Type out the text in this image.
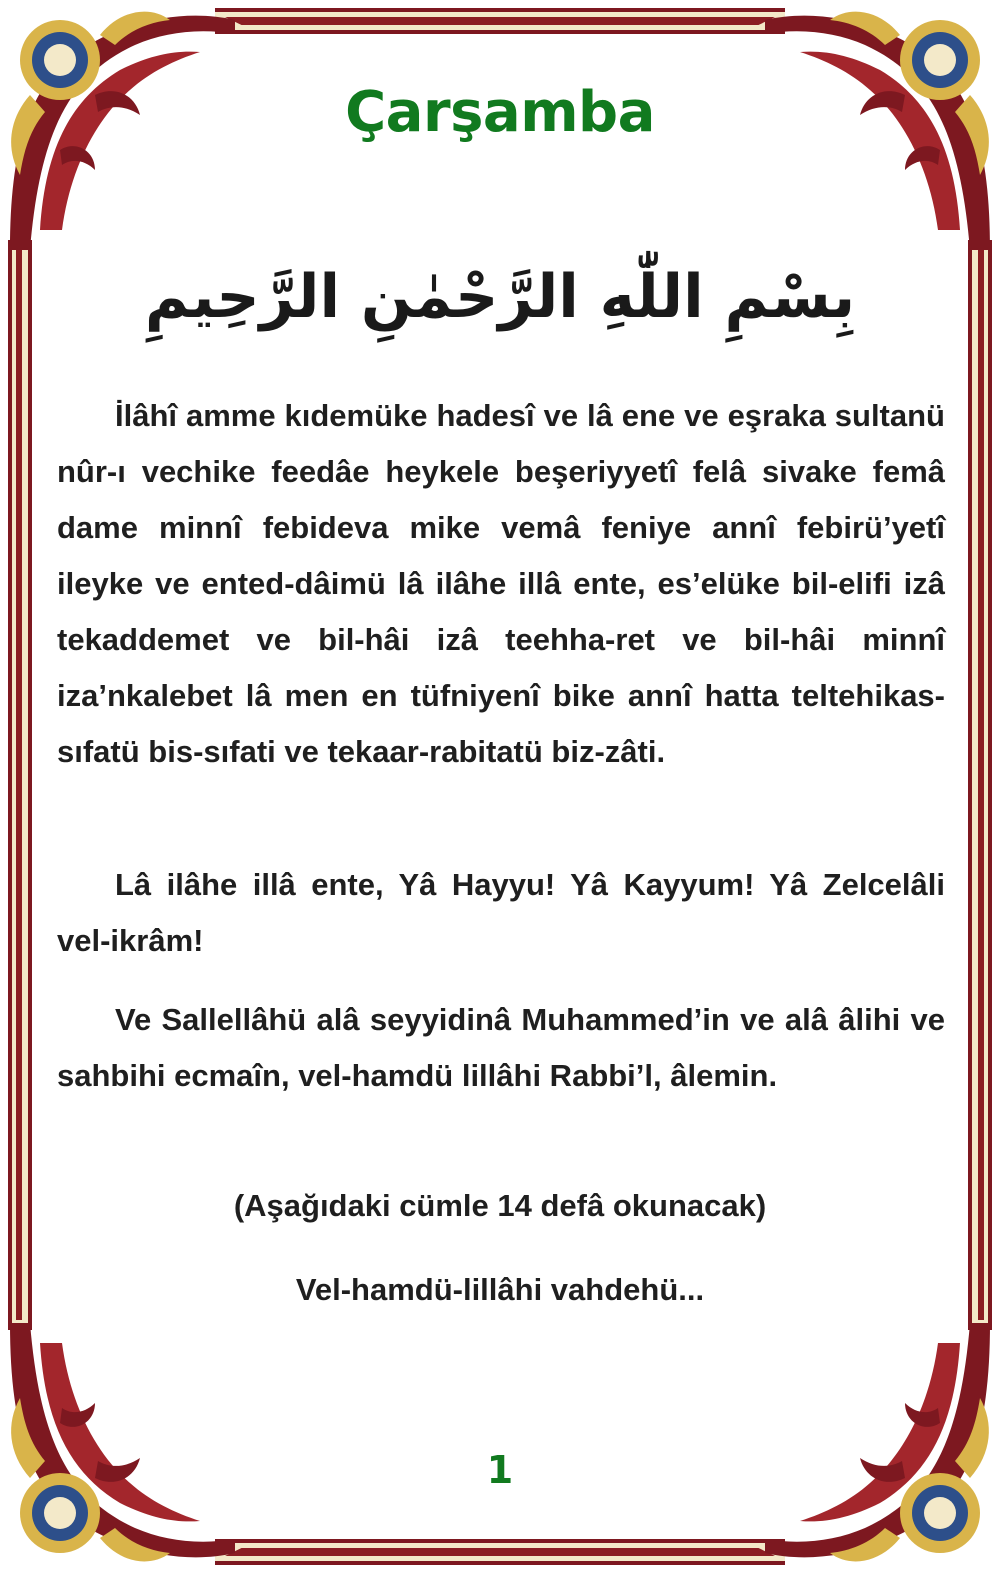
Çarşamba
بِسْمِ اللّٰهِ الرَّحْمٰنِ الرَّحِيمِ

İlâhî amme kıdemüke hadesî ve lâ ene ve eşraka sultanü nûr-ı vechike feedâe heykele beşeriyyetî felâ sivake femâ dame minnî febideva mike vemâ feniye annî febirü’yetî ileyke ve ented-dâimü lâ ilâhe illâ ente, es’elüke bil-elifi izâ tekaddemet ve bil-hâi izâ teehha-ret ve bil-hâi minnî iza’nkalebet lâ men en tüfniyenî bike annî hatta teltehikas-sıfatü bis-sıfati ve tekaar-rabitatü biz-zâti.

Lâ ilâhe illâ ente, Yâ Hayyu! Yâ Kayyum! Yâ Zelcelâli vel-ikrâm!

Ve Sallellâhü alâ seyyidinâ Muhammed’in ve alâ âlihi ve sahbihi ecmaîn, vel-hamdü lillâhi Rabbi’l, âlemin.

(Aşağıdaki cümle 14 defâ okunacak)
Vel-hamdü-lillâhi vahdehü...
1
